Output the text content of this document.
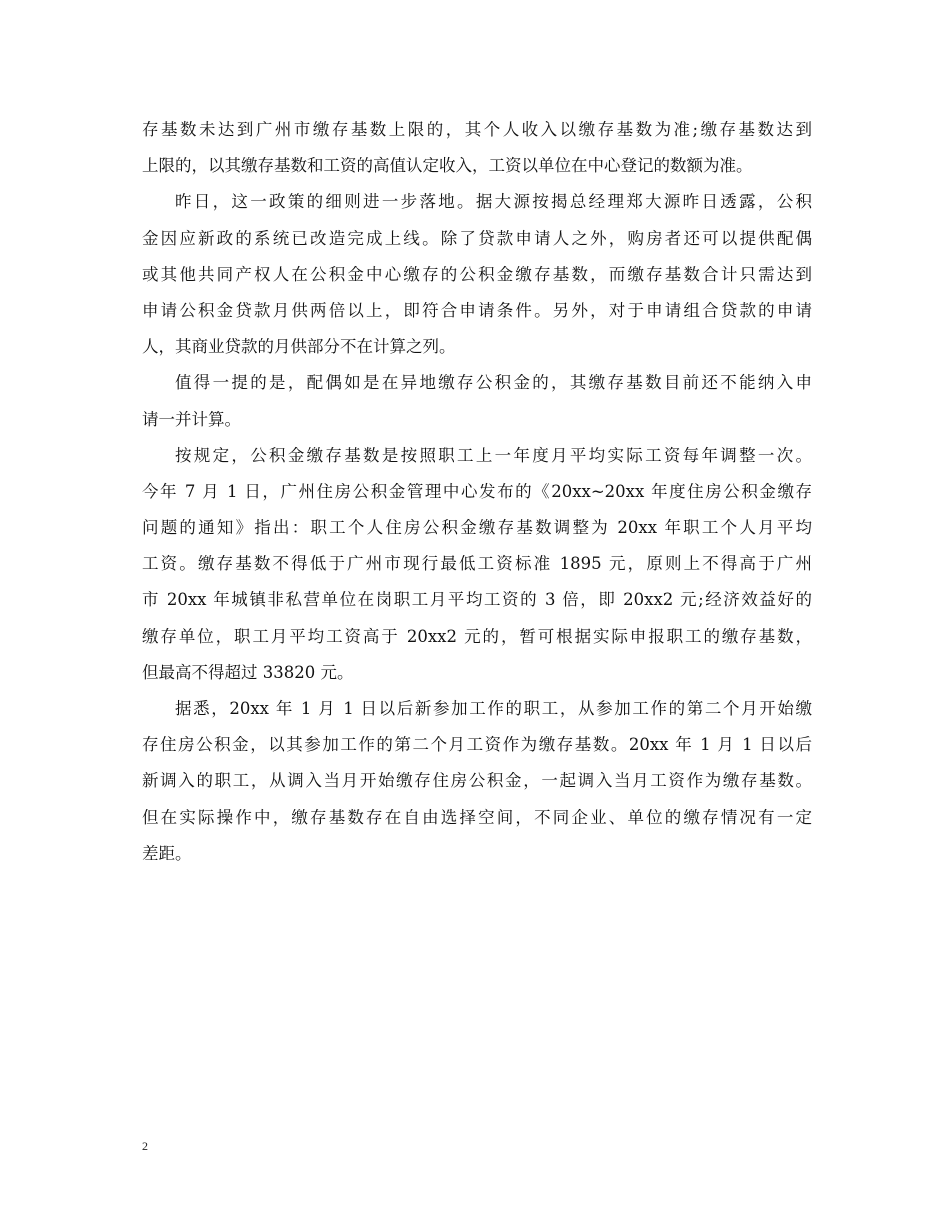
存基数未达到广州市缴存基数上限的，其个人收入以缴存基数为准;缴存基数达到
上限的，以其缴存基数和工资的高值认定收入，工资以单位在中心登记的数额为准。
昨日，这一政策的细则进一步落地。据大源按揭总经理郑大源昨日透露，公积
金因应新政的系统已改造完成上线。除了贷款申请人之外，购房者还可以提供配偶
或其他共同产权人在公积金中心缴存的公积金缴存基数，而缴存基数合计只需达到
申请公积金贷款月供两倍以上，即符合申请条件。另外，对于申请组合贷款的申请
人，其商业贷款的月供部分不在计算之列。
值得一提的是，配偶如是在异地缴存公积金的，其缴存基数目前还不能纳入申
请一并计算。
按规定，公积金缴存基数是按照职工上一年度月平均实际工资每年调整一次。
今年 7 月 1 日，广州住房公积金管理中心发布的《20xx~20xx 年度住房公积金缴存
问题的通知》指出：职工个人住房公积金缴存基数调整为 20xx 年职工个人月平均
工资。缴存基数不得低于广州市现行最低工资标准 1895 元，原则上不得高于广州
市 20xx 年城镇非私营单位在岗职工月平均工资的 3 倍，即 20xx2 元;经济效益好的
缴存单位，职工月平均工资高于 20xx2 元的，暂可根据实际申报职工的缴存基数，
但最高不得超过 33820 元。
据悉，20xx 年 1 月 1 日以后新参加工作的职工，从参加工作的第二个月开始缴
存住房公积金，以其参加工作的第二个月工资作为缴存基数。20xx 年 1 月 1 日以后
新调入的职工，从调入当月开始缴存住房公积金，一起调入当月工资作为缴存基数。
但在实际操作中，缴存基数存在自由选择空间，不同企业、单位的缴存情况有一定
差距。
2
